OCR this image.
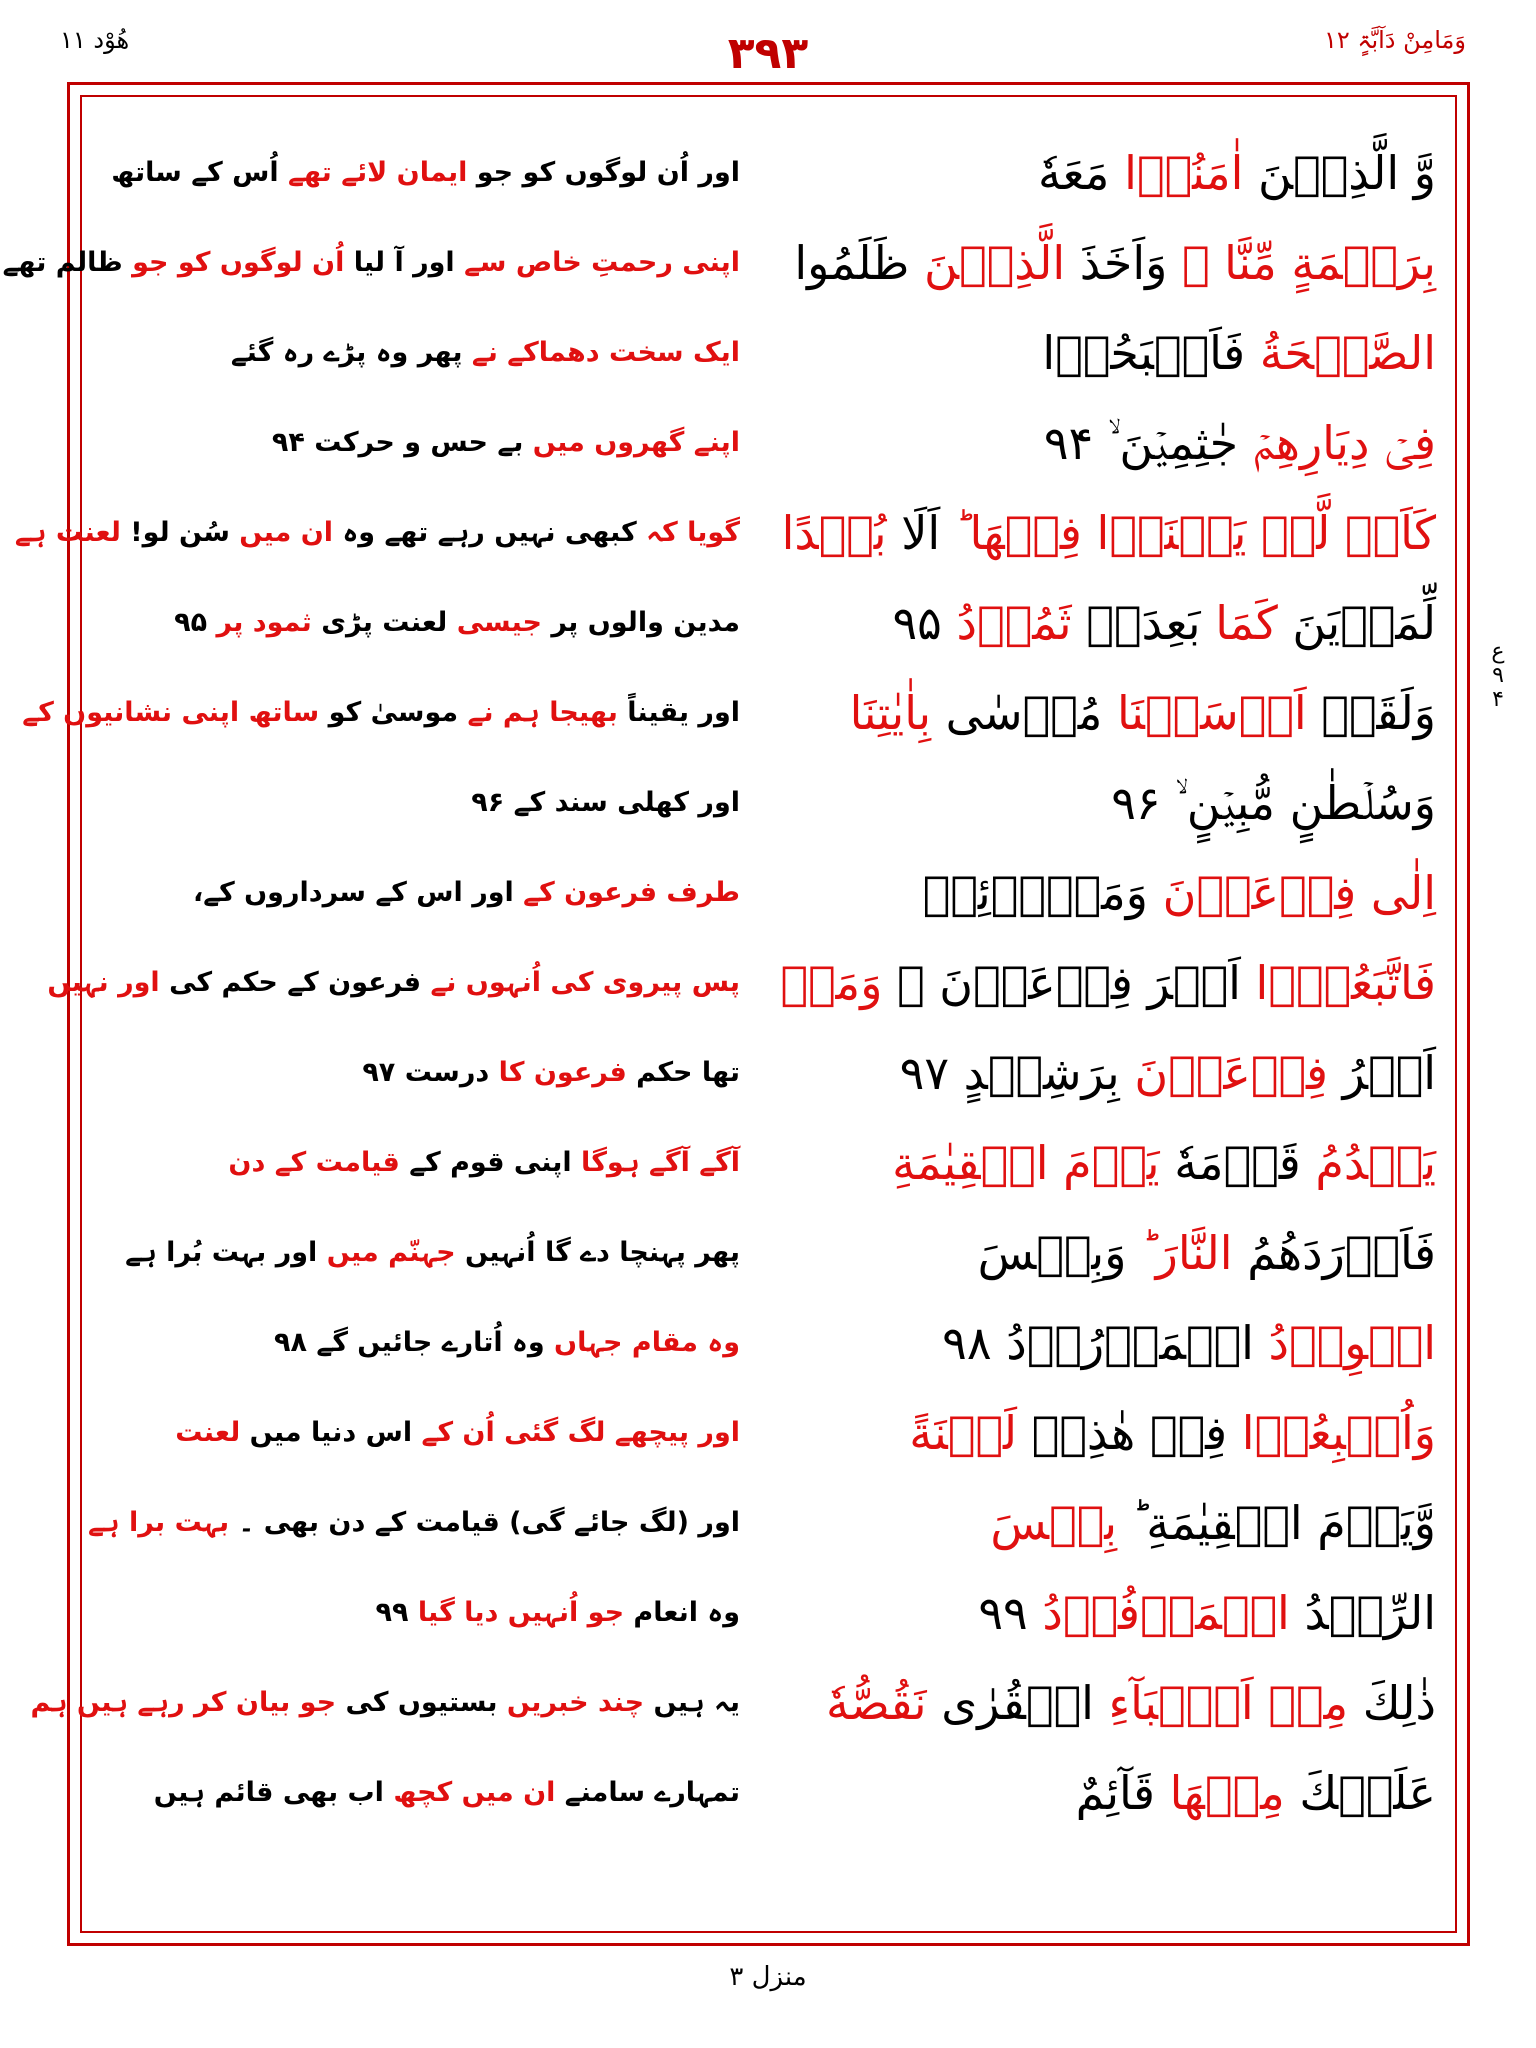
وَمَامِنْ دَآبَّۃٍ ۱۲
۳۹۳
ھُوْد ۱۱
ع ۹ ۴
وَّ الَّذِيۡنَ اٰمَنُوۡا مَعَهٗ
بِرَحۡمَةٍ مِّنَّا ۚ وَاَخَذَ الَّذِيۡنَ ظَلَمُوا
الصَّيۡحَةُ فَاَصۡبَحُوۡا
فِىۡ دِيَارِهِمۡ جٰثِمِيۡنَ ۙ ۹۴
كَاَنۡ لَّمۡ يَغۡنَوۡا فِيۡهَا ؕ اَلَا بُعۡدًا
لِّمَدۡيَنَ كَمَا بَعِدَتۡ ثَمُوۡدُ ۹۵
وَلَقَدۡ اَرۡسَلۡنَا مُوۡسٰى بِاٰيٰتِنَا
وَسُلۡطٰنٍ مُّبِيۡنٍ ۙ ۹۶
اِلٰى فِرۡعَوۡنَ وَمَلَا۟ئِهٖ
فَاتَّبَعُوۡۤا اَمۡرَ فِرۡعَوۡنَ ۚ وَمَاۤ
اَمۡرُ فِرۡعَوۡنَ بِرَشِيۡدٍ ۹۷
يَقۡدُمُ قَوۡمَهٗ يَوۡمَ الۡقِيٰمَةِ
فَاَوۡرَدَهُمُ النَّارَ ؕ وَبِئۡسَ
الۡوِرۡدُ الۡمَوۡرُوۡدُ ۹۸
وَاُتۡبِعُوۡا فِىۡ هٰذِهٖ لَعۡنَةً
وَّيَوۡمَ الۡقِيٰمَةِ ؕ بِئۡسَ
الرِّفۡدُ الۡمَرۡفُوۡدُ ۹۹
ذٰلِكَ مِنۡ اَنۡۢبَآءِ الۡقُرٰى نَقُصُّهٗ
عَلَيۡكَ مِنۡهَا قَآئِمٌ
اور اُن لوگوں کو جو ایمان لائے تھے اُس کے ساتھ
اپنی رحمتِ خاص سے اور آ لیا اُن لوگوں کو جو ظالم تھے
ایک سخت دھماکے نے پھر وہ پڑے رہ گئے
اپنے گھروں میں بے حس و حرکت ۹۴
گویا کہ کبھی نہیں رہے تھے وہ ان میں سُن لو! لعنت ہے
مدین والوں پر جیسی لعنت پڑی ثمود پر ۹۵
اور یقیناً بھیجا ہم نے موسیٰ کو ساتھ اپنی نشانیوں کے
اور کھلی سند کے ۹۶
طرف فرعون کے اور اس کے سرداروں کے،
پس پیروی کی اُنہوں نے فرعون کے حکم کی اور نہیں
تھا حکم فرعون کا درست ۹۷
آگے آگے ہوگا اپنی قوم کے قیامت کے دن
پھر پہنچا دے گا اُنہیں جہنّم میں اور بہت بُرا ہے
وہ مقام جہاں وہ اُتارے جائیں گے ۹۸
اور پیچھے لگ گئی اُن کے اس دنیا میں لعنت
اور (لگ جائے گی) قیامت کے دن بھی ۔ بہت برا ہے
وہ انعام جو اُنہیں دیا گیا ۹۹
یہ ہیں چند خبریں بستیوں کی جو بیان کر رہے ہیں ہم
تمہارے سامنے ان میں کچھ اب بھی قائم ہیں
منزل ۳
